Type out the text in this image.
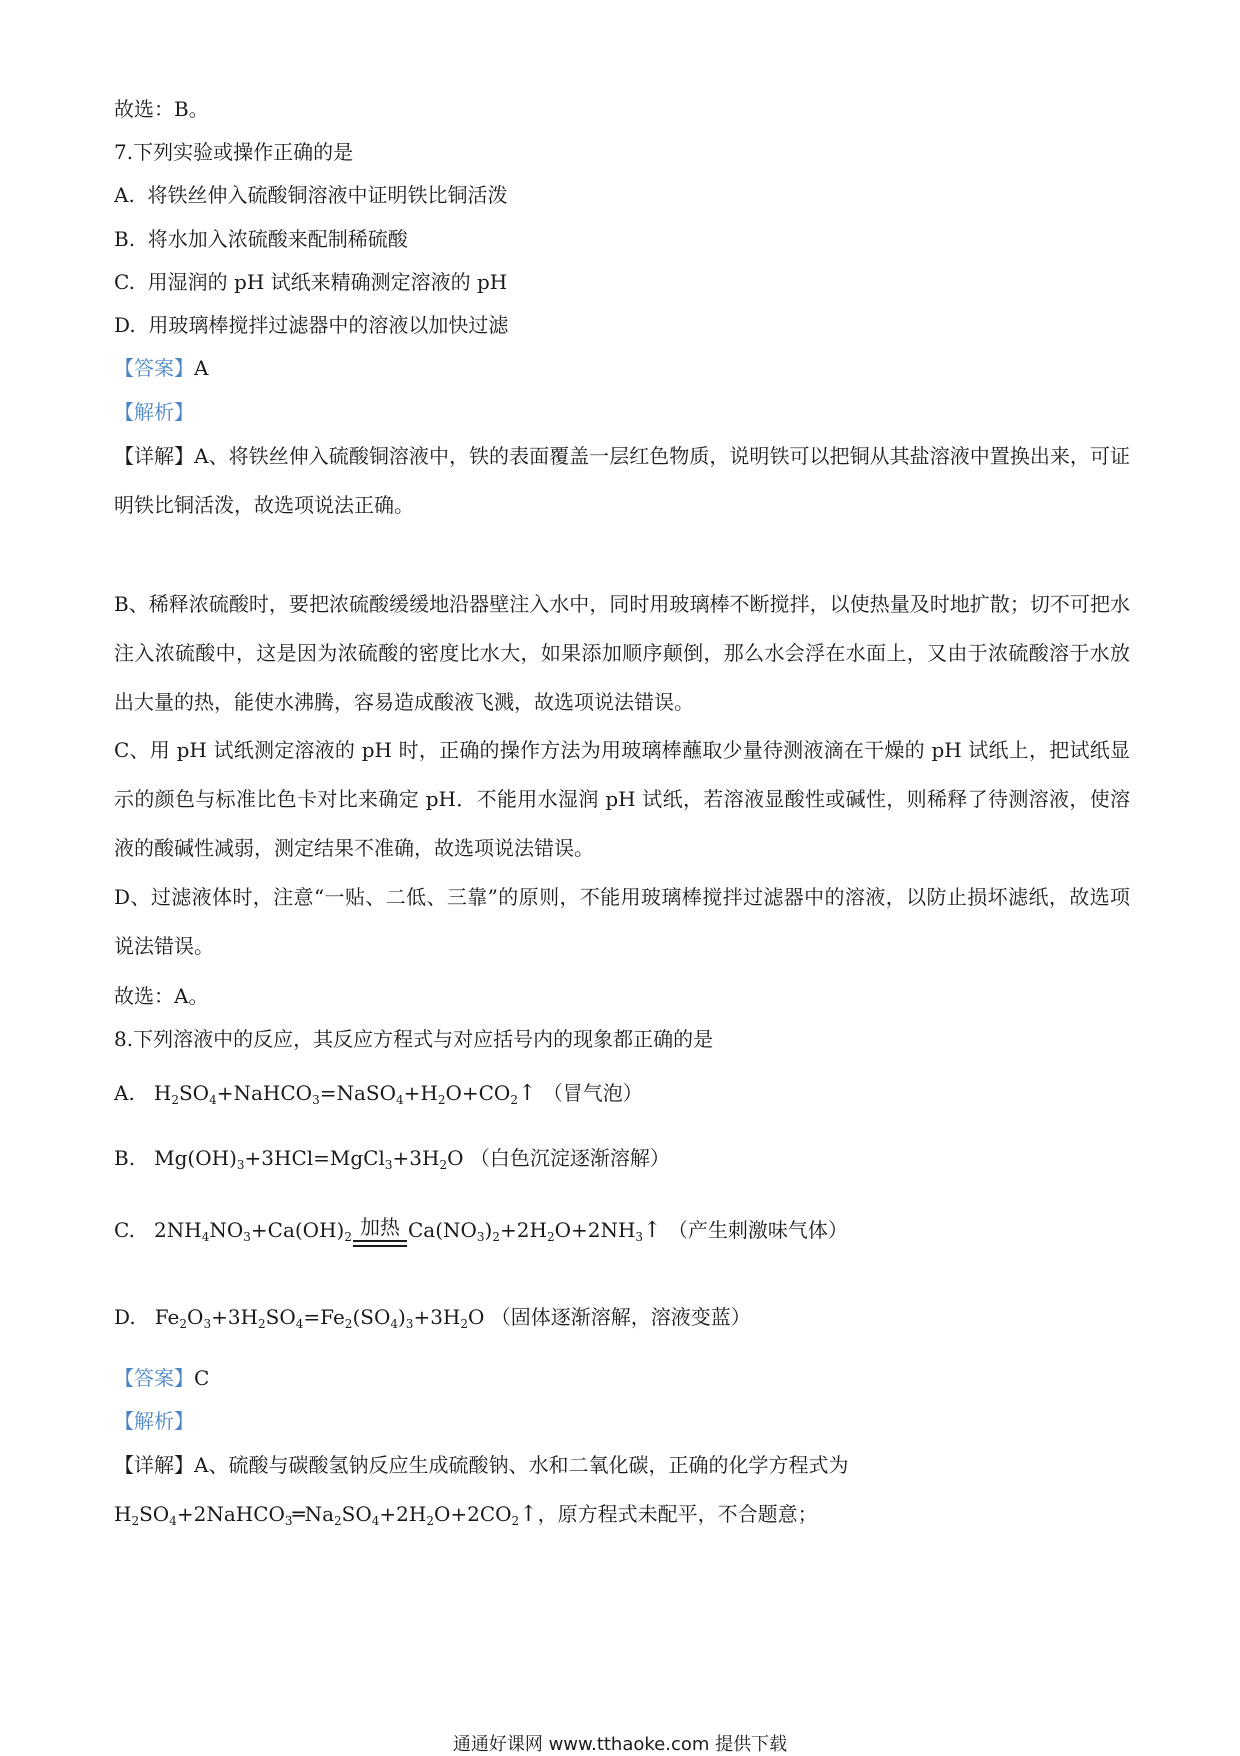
故选：B。
7.下列实验或操作正确的是
A. 将铁丝伸入硫酸铜溶液中证明铁比铜活泼
B. 将水加入浓硫酸来配制稀硫酸
C. 用湿润的 pH 试纸来精确测定溶液的 pH
D. 用玻璃棒搅拌过滤器中的溶液以加快过滤
【答案】A
【解析】
【详解】A、将铁丝伸入硫酸铜溶液中，铁的表面覆盖一层红色物质，说明铁可以把铜从其盐溶液中置换出来，可证明铁比铜活泼，故选项说法正确。
B、稀释浓硫酸时，要把浓硫酸缓缓地沿器壁注入水中，同时用玻璃棒不断搅拌，以使热量及时地扩散；切不可把水注入浓硫酸中，这是因为浓硫酸的密度比水大，如果添加顺序颠倒，那么水会浮在水面上，又由于浓硫酸溶于水放出大量的热，能使水沸腾，容易造成酸液飞溅，故选项说法错误。
C、用 pH 试纸测定溶液的 pH 时，正确的操作方法为用玻璃棒蘸取少量待测液滴在干燥的 pH 试纸上，把试纸显示的颜色与标准比色卡对比来确定 pH．不能用水湿润 pH 试纸，若溶液显酸性或碱性，则稀释了待测溶液，使溶液的酸碱性减弱，测定结果不准确，故选项说法错误。
D、过滤液体时，注意“一贴、二低、三靠”的原则，不能用玻璃棒搅拌过滤器中的溶液，以防止损坏滤纸，故选项说法错误。
故选：A。
8.下列溶液中的反应，其反应方程式与对应括号内的现象都正确的是
A. $H_2SO_4+NaHCO_3=NaSO_4+H_2O+CO_2↑$ （冒气泡）
B. $Mg(OH)_3+3HCl=MgCl_3+3H_2O$ （白色沉淀逐渐溶解）
C. $2NH_4NO_3+Ca(OH)_2$ 加热 $Ca(NO_3)_2+2H_2O+2NH_3↑$ （产生刺激味气体）
D. $Fe_2O_3+3H_2SO_4=Fe_2(SO_4)_3+3H_2O$ （固体逐渐溶解，溶液变蓝）
【答案】C
【解析】
【详解】A、硫酸与碳酸氢钠反应生成硫酸钠、水和二氧化碳，正确的化学方程式为
$H_2SO_4+2NaHCO_3═Na_2SO_4+2H_2O+2CO_2↑$，原方程式未配平，不合题意；
通通好课网 www.tthaoke.com 提供下载
